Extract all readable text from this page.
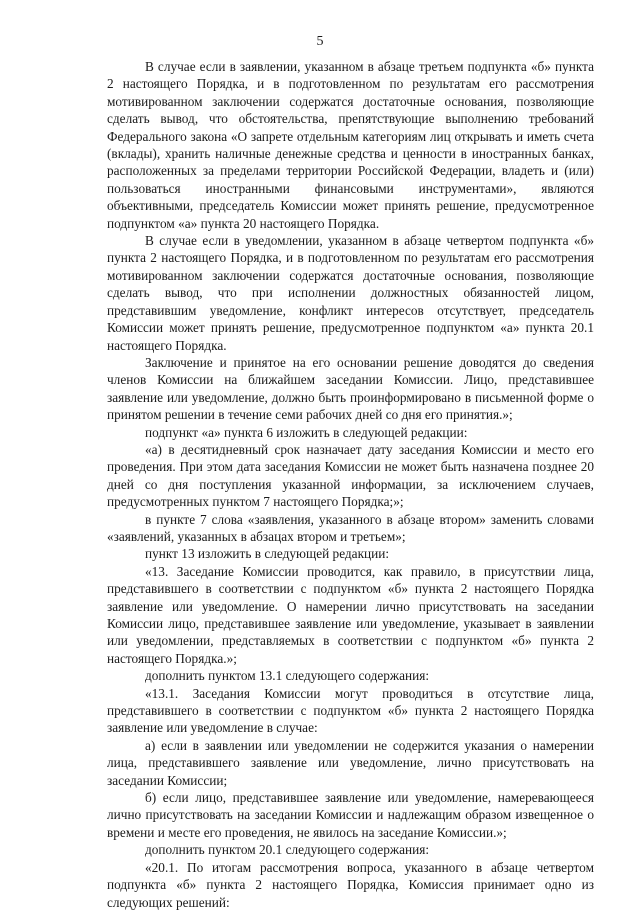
5

В случае если в заявлении, указанном в абзаце третьем подпункта «б» пункта 2 настоящего Порядка, и в подготовленном по результатам его рассмотрения мотивированном заключении содержатся достаточные основания, позволяющие сделать вывод, что обстоятельства, препятствующие выполнению требований Федерального закона «О запрете отдельным категориям лиц открывать и иметь счета (вклады), хранить наличные денежные средства и ценности в иностранных банках, расположенных за пределами территории Российской Федерации, владеть и (или) пользоваться иностранными финансовыми инструментами», являются объективными, председатель Комиссии может принять решение, предусмотренное подпунктом «а» пункта 20 настоящего Порядка.

В случае если в уведомлении, указанном в абзаце четвертом подпункта «б» пункта 2 настоящего Порядка, и в подготовленном по результатам его рассмотрения мотивированном заключении содержатся достаточные основания, позволяющие сделать вывод, что при исполнении должностных обязанностей лицом, представившим уведомление, конфликт интересов отсутствует, председатель Комиссии может принять решение, предусмотренное подпунктом «а» пункта 20.1 настоящего Порядка.

Заключение и принятое на его основании решение доводятся до сведения членов Комиссии на ближайшем заседании Комиссии. Лицо, представившее заявление или уведомление, должно быть проинформировано в письменной форме о принятом решении в течение семи рабочих дней со дня его принятия.»;

подпункт «а» пункта 6 изложить в следующей редакции:

«а) в десятидневный срок назначает дату заседания Комиссии и место его проведения. При этом дата заседания Комиссии не может быть назначена позднее 20 дней со дня поступления указанной информации, за исключением случаев, предусмотренных пунктом 7 настоящего Порядка;»;

в пункте 7 слова «заявления, указанного в абзаце втором» заменить словами «заявлений, указанных в абзацах втором и третьем»;

пункт 13 изложить в следующей редакции:

«13. Заседание Комиссии проводится, как правило, в присутствии лица, представившего в соответствии с подпунктом «б» пункта 2 настоящего Порядка заявление или уведомление. О намерении лично присутствовать на заседании Комиссии лицо, представившее заявление или уведомление, указывает в заявлении или уведомлении, представляемых в соответствии с подпунктом «б» пункта 2 настоящего Порядка.»;

дополнить пунктом 13.1 следующего содержания:

«13.1. Заседания Комиссии могут проводиться в отсутствие лица, представившего в соответствии с подпунктом «б» пункта 2 настоящего Порядка заявление или уведомление в случае:

а) если в заявлении или уведомлении не содержится указания о намерении лица, представившего заявление или уведомление, лично присутствовать на заседании Комиссии;

б) если лицо, представившее заявление или уведомление, намеревающееся лично присутствовать на заседании Комиссии и надлежащим образом извещенное о времени и месте его проведения, не явилось на заседание Комиссии.»;

дополнить пунктом 20.1 следующего содержания:

«20.1. По итогам рассмотрения вопроса, указанного в абзаце четвертом подпункта «б» пункта 2 настоящего Порядка, Комиссия принимает одно из следующих решений:
